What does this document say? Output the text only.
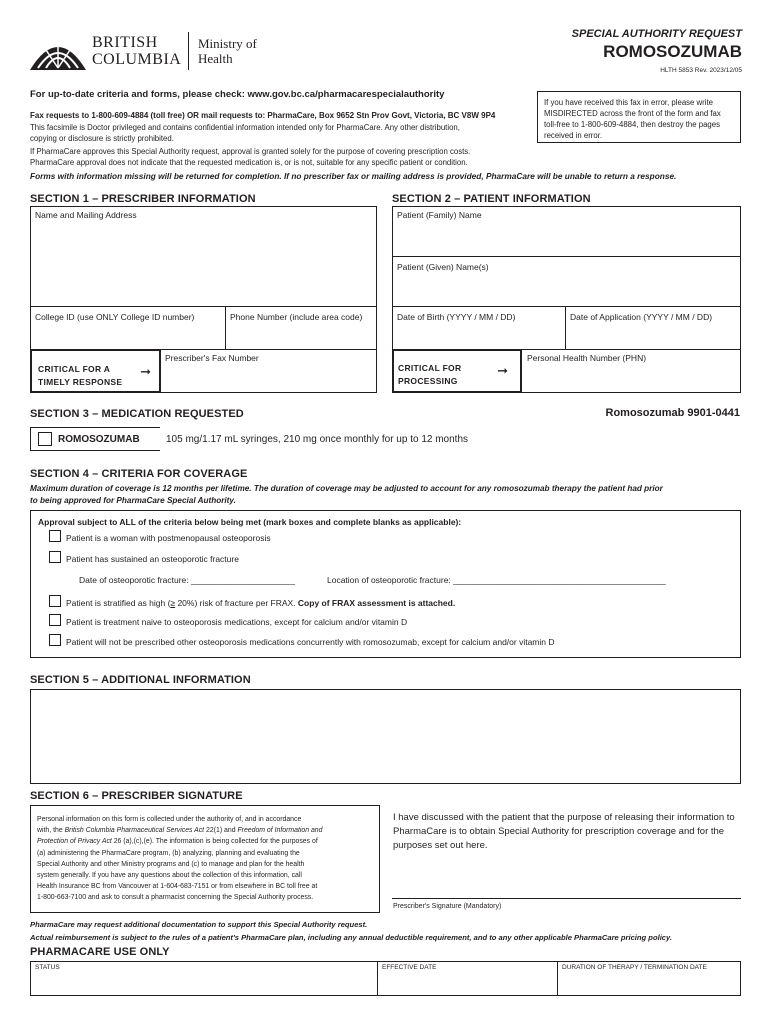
BRITISH
COLUMBIA
Ministry of
Health
SPECIAL AUTHORITY REQUEST
ROMOSOZUMAB
HLTH 5853 Rev. 2023/12/05
For up-to-date criteria and forms, please check: www.gov.bc.ca/pharmacarespecialauthority
Fax requests to 1-800-609-4884 (toll free) OR mail requests to: PharmaCare, Box 9652 Stn Prov Govt, Victoria, BC V8W 9P4
This facsimile is Doctor privileged and contains confidential information intended only for PharmaCare. Any other distribution,
copying or disclosure is strictly prohibited.
If PharmaCare approves this Special Authority request, approval is granted solely for the purpose of covering prescription costs.
PharmaCare approval does not indicate that the requested medication is, or is not, suitable for any specific patient or condition.
If you have received this fax in error, please write
MISDIRECTED across the front of the form and fax
toll-free to 1-800-609-4884, then destroy the pages
received in error.
Forms with information missing will be returned for completion. If no prescriber fax or mailing address is provided, PharmaCare will be unable to return a response.
SECTION 1 – PRESCRIBER INFORMATION
Name and Mailing Address
College ID (use ONLY College ID number)	Phone Number (include area code)
CRITICAL FOR A
TIMELY RESPONSE
➞
Prescriber's Fax Number
SECTION 2 – PATIENT INFORMATION
Patient (Family) Name
Patient (Given) Name(s)
Date of Birth (YYYY / MM / DD)	Date of Application (YYYY / MM / DD)
CRITICAL FOR
PROCESSING
➞
Personal Health Number (PHN)
SECTION 3 – MEDICATION REQUESTED	Romosozumab 9901-0441
ROMOSOZUMAB	105 mg/1.17 mL syringes, 210 mg once monthly for up to 12 months
SECTION 4 – CRITERIA FOR COVERAGE
Maximum duration of coverage is 12 months per lifetime. The duration of coverage may be adjusted to account for any romosozumab therapy the patient had prior
to being approved for PharmaCare Special Authority.
Approval subject to ALL of the criteria below being met (mark boxes and complete blanks as applicable):
Patient is a woman with postmenopausal osteoporosis
Patient has sustained an osteoporotic fracture
Date of osteoporotic fracture: ______________________	Location of osteoporotic fracture: _____________________________________________
Patient is stratified as high (≥ 20%) risk of fracture per FRAX. Copy of FRAX assessment is attached.
Patient is treatment naive to osteoporosis medications, except for calcium and/or vitamin D
Patient will not be prescribed other osteoporosis medications concurrently with romosozumab, except for calcium and/or vitamin D
SECTION 5 – ADDITIONAL INFORMATION
SECTION 6 – PRESCRIBER SIGNATURE
Personal information on this form is collected under the authority of, and in accordance
with, the British Columbia Pharmaceutical Services Act 22(1) and Freedom of Information and
Protection of Privacy Act 26 (a),(c),(e). The information is being collected for the purposes of
(a) administering the PharmaCare program, (b) analyzing, planning and evaluating the
Special Authority and other Ministry programs and (c) to manage and plan for the health
system generally. If you have any questions about the collection of this information, call
Health Insurance BC from Vancouver at 1-604-683-7151 or from elsewhere in BC toll free at
1-800-663-7100 and ask to consult a pharmacist concerning the Special Authority process.
I have discussed with the patient that the purpose of releasing their information to PharmaCare is to obtain Special Authority for prescription coverage and for the purposes set out here.
Prescriber's Signature (Mandatory)
PharmaCare may request additional documentation to support this Special Authority request.
Actual reimbursement is subject to the rules of a patient's PharmaCare plan, including any annual deductible requirement, and to any other applicable PharmaCare pricing policy.
PHARMACARE USE ONLY
STATUS	EFFECTIVE DATE	DURATION OF THERAPY / TERMINATION DATE
